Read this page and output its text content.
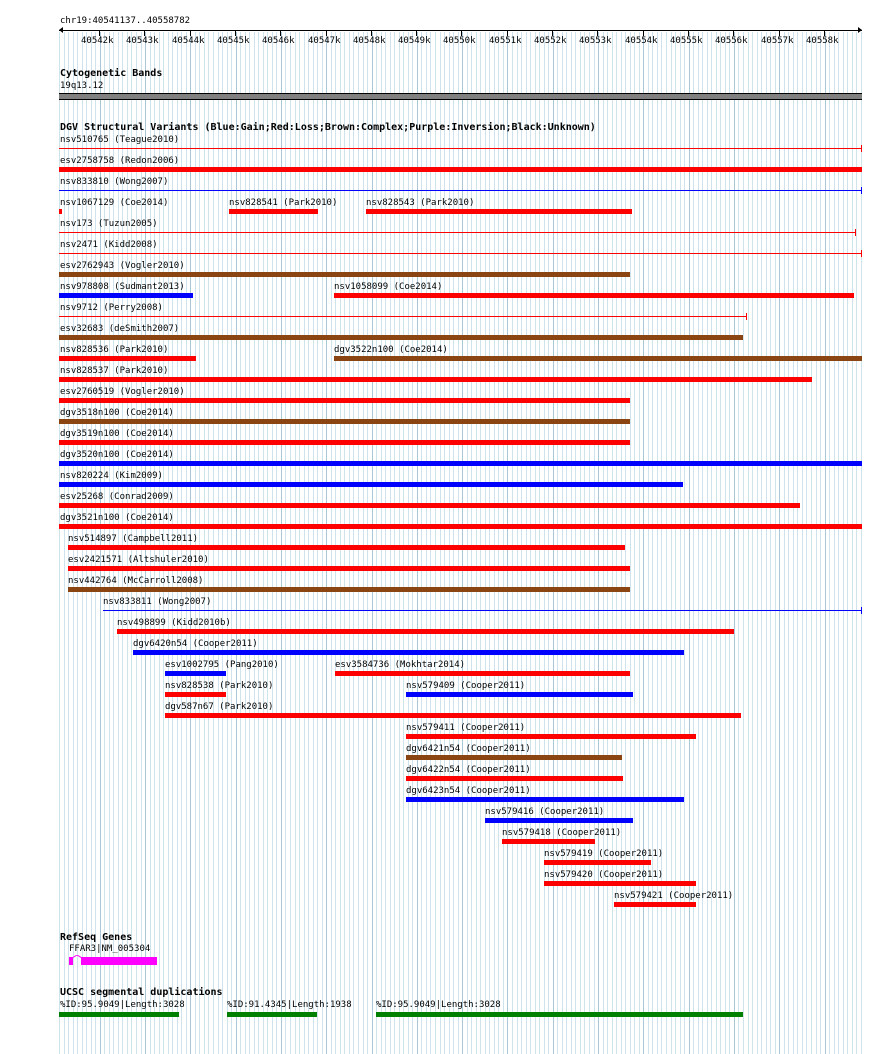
chr19:40541137..40558782
40542k 40543k 40544k 40545k 40546k 40547k 40548k 40549k 40550k 40551k 40552k 40553k 40554k 40555k 40556k 40557k 40558k
Cytogenetic Bands
19q13.12
DGV Structural Variants (Blue:Gain;Red:Loss;Brown:Complex;Purple:Inversion;Black:Unknown)
nsv510765 (Teague2010)
esv2758758 (Redon2006)
nsv833810 (Wong2007)
nsv1067129 (Coe2014)	nsv828541 (Park2010)	nsv828543 (Park2010)
nsv173 (Tuzun2005)
nsv2471 (Kidd2008)
esv2762943 (Vogler2010)
nsv978808 (Sudmant2013)	nsv1058099 (Coe2014)
nsv9712 (Perry2008)
esv32683 (deSmith2007)
nsv828536 (Park2010)	dgv3522n100 (Coe2014)
nsv828537 (Park2010)
esv2760519 (Vogler2010)
dgv3518n100 (Coe2014)
dgv3519n100 (Coe2014)
dgv3520n100 (Coe2014)
nsv820224 (Kim2009)
esv25268 (Conrad2009)
dgv3521n100 (Coe2014)
nsv514897 (Campbell2011)
esv2421571 (Altshuler2010)
nsv442764 (McCarroll2008)
nsv833811 (Wong2007)
nsv498899 (Kidd2010b)
dgv6420n54 (Cooper2011)
esv1002795 (Pang2010)	esv3584736 (Mokhtar2014)
nsv828538 (Park2010)	nsv579409 (Cooper2011)
dgv587n67 (Park2010)
nsv579411 (Cooper2011)
dgv6421n54 (Cooper2011)
dgv6422n54 (Cooper2011)
dgv6423n54 (Cooper2011)
nsv579416 (Cooper2011)
nsv579418 (Cooper2011)
nsv579419 (Cooper2011)
nsv579420 (Cooper2011)
nsv579421 (Cooper2011)
RefSeq Genes
FFAR3|NM_005304
UCSC segmental duplications
%ID:95.9049|Length:3028	%ID:91.4345|Length:1938	%ID:95.9049|Length:3028
